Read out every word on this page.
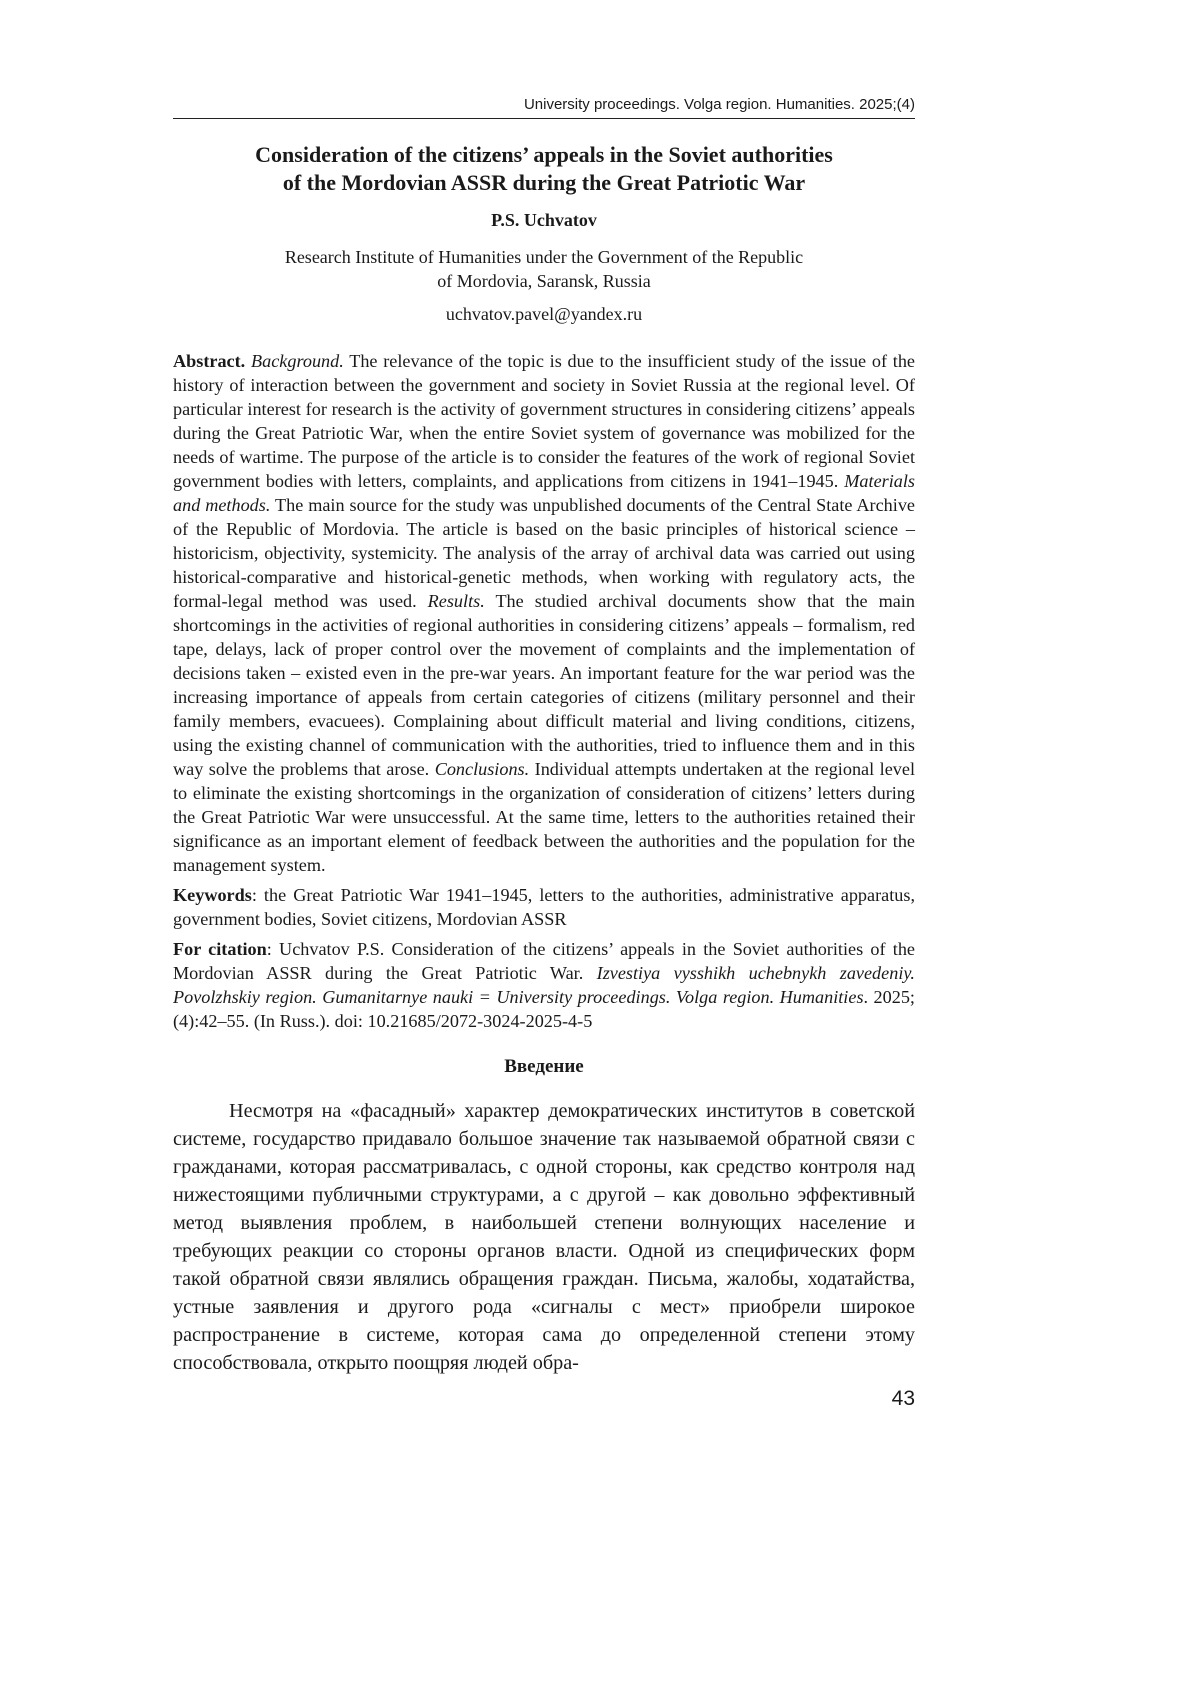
University proceedings. Volga region. Humanities. 2025;(4)
Consideration of the citizens’ appeals in the Soviet authorities
of the Mordovian ASSR during the Great Patriotic War
P.S. Uchvatov
Research Institute of Humanities under the Government of the Republic
of Mordovia, Saransk, Russia
uchvatov.pavel@yandex.ru

Abstract. Background. The relevance of the topic is due to the insufficient study of the issue of the history of interaction between the government and society in Soviet Russia at the regional level. Of particular interest for research is the activity of government structures in considering citizens’ appeals during the Great Patriotic War, when the entire Soviet system of governance was mobilized for the needs of wartime. The purpose of the article is to consider the features of the work of regional Soviet government bodies with letters, complaints, and applications from citizens in 1941–1945. Materials and methods. The main source for the study was unpublished documents of the Central State Archive of the Republic of Mordovia. The article is based on the basic principles of historical science – historicism, objectivity, systemicity. The analysis of the array of archival data was carried out using historical-comparative and historical-genetic methods, when working with regulatory acts, the formal-legal method was used. Results. The studied archival documents show that the main shortcomings in the activities of regional authorities in considering citizens’ appeals – formalism, red tape, delays, lack of proper control over the movement of complaints and the implementation of decisions taken – existed even in the pre-war years. An important feature for the war period was the increasing importance of appeals from certain categories of citizens (military personnel and their family members, evacuees). Complaining about difficult material and living conditions, citizens, using the existing channel of communication with the authorities, tried to influence them and in this way solve the problems that arose. Conclusions. Individual attempts undertaken at the regional level to eliminate the existing shortcomings in the organization of consideration of citizens’ letters during the Great Patriotic War were unsuccessful. At the same time, letters to the authorities retained their significance as an important element of feedback between the authorities and the population for the management system.

Keywords: the Great Patriotic War 1941–1945, letters to the authorities, administrative apparatus, government bodies, Soviet citizens, Mordovian ASSR
For citation: Uchvatov P.S. Consideration of the citizens’ appeals in the Soviet authorities of the Mordovian ASSR during the Great Patriotic War. Izvestiya vysshikh uchebnykh zavedeniy. Povolzhskiy region. Gumanitarnye nauki = University proceedings. Volga region. Humanities. 2025;(4):42–55. (In Russ.). doi: 10.21685/2072-3024-2025-4-5
Введение
Несмотря на «фасадный» характер демократических институтов в советской системе, государство придавало большое значение так называемой обратной связи с гражданами, которая рассматривалась, с одной стороны, как средство контроля над нижестоящими публичными структурами, а с другой – как довольно эффективный метод выявления проблем, в наибольшей степени волнующих население и требующих реакции со стороны органов власти. Одной из специфических форм такой обратной связи являлись обращения граждан. Письма, жалобы, ходатайства, устные заявления и другого рода «сигналы с мест» приобрели широкое распространение в системе, которая сама до определенной степени этому способствовала, открыто поощряя людей обра-
43
